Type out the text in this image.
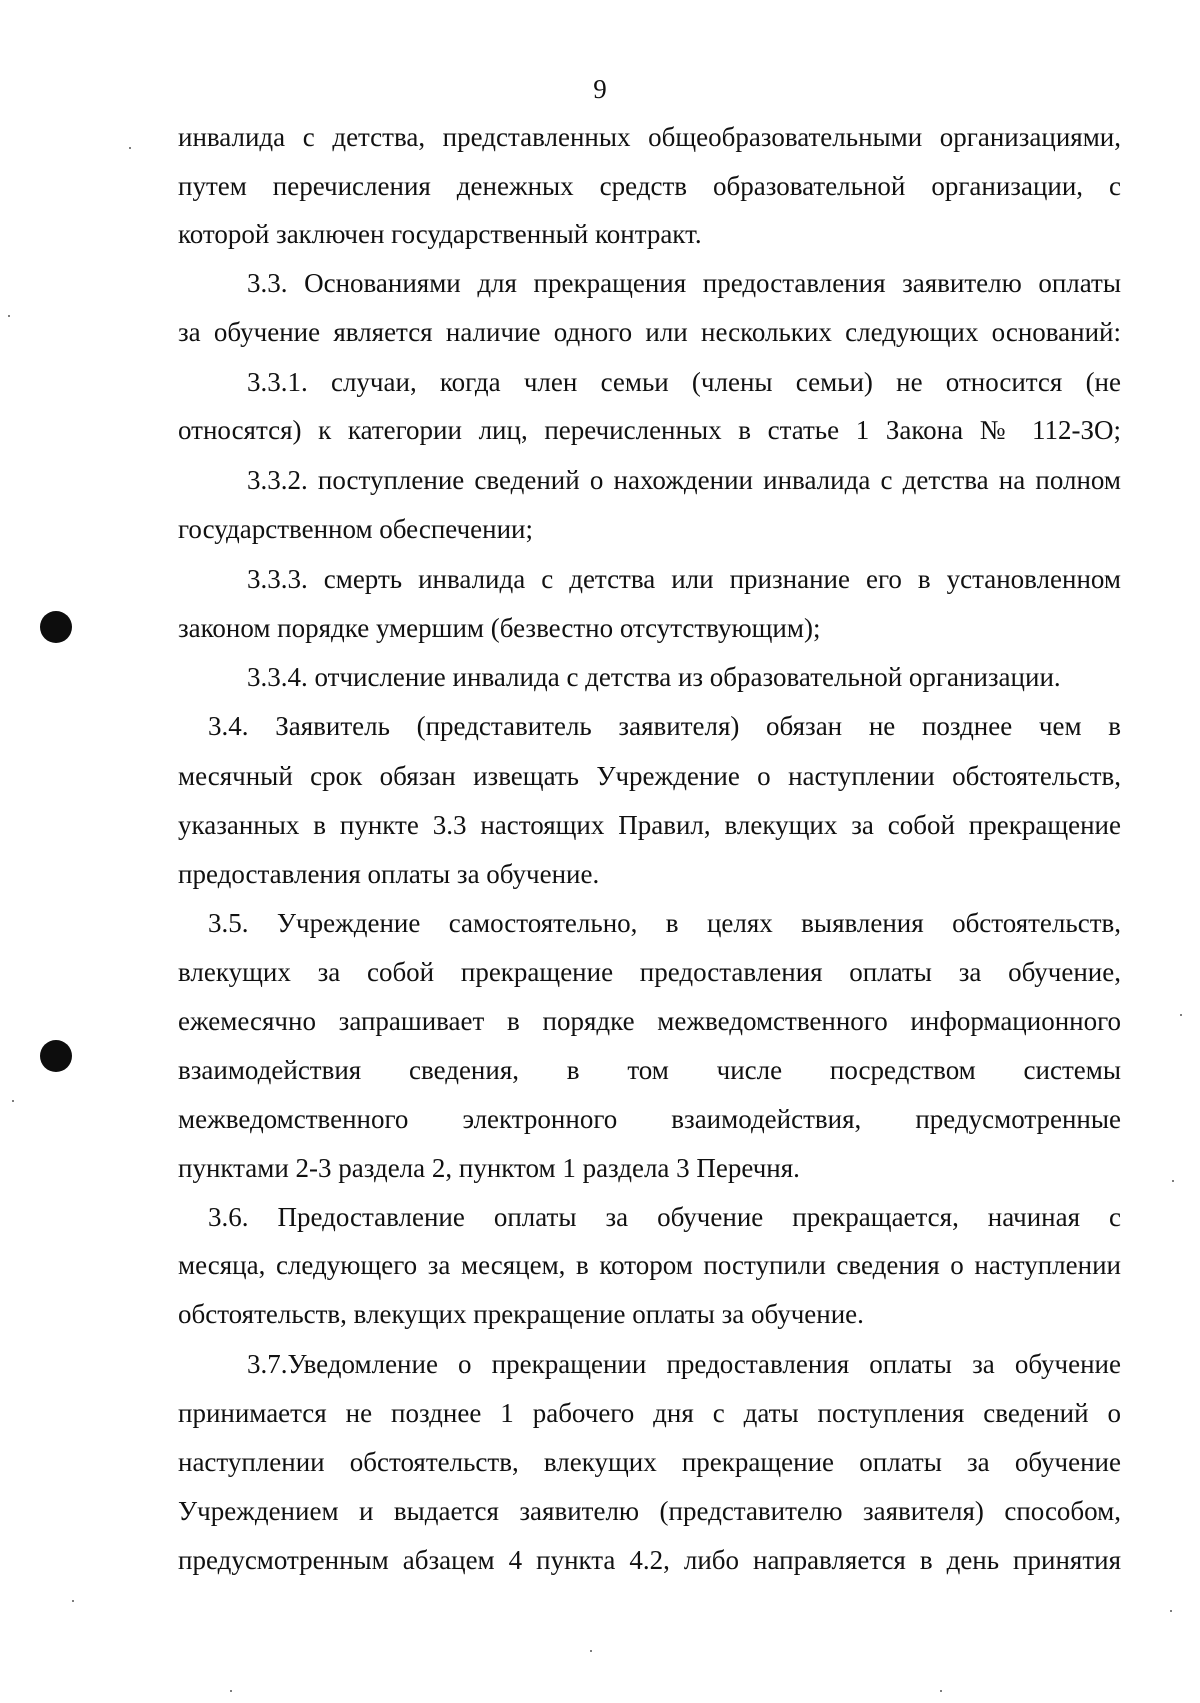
9
инвалида с детства, представленных общеобразовательными организациями,
путем перечисления денежных средств образовательной организации, с
которой заключен государственный контракт.
3.3. Основаниями для прекращения предоставления заявителю оплаты
за обучение является наличие одного или нескольких следующих оснований:
3.3.1. случаи, когда член семьи (члены семьи) не относится (не
относятся) к категории лиц, перечисленных в статье 1 Закона № 112-ЗО;
3.3.2. поступление сведений о нахождении инвалида с детства на полном
государственном обеспечении;
3.3.3. смерть инвалида с детства или признание его в установленном
законом порядке умершим (безвестно отсутствующим);
3.3.4. отчисление инвалида с детства из образовательной организации.
3.4. Заявитель (представитель заявителя) обязан не позднее чем в
месячный срок обязан извещать Учреждение о наступлении обстоятельств,
указанных в пункте 3.3 настоящих Правил, влекущих за собой прекращение
предоставления оплаты за обучение.
3.5. Учреждение самостоятельно, в целях выявления обстоятельств,
влекущих за собой прекращение предоставления оплаты за обучение,
ежемесячно запрашивает в порядке межведомственного информационного
взаимодействия сведения, в том числе посредством системы
межведомственного электронного взаимодействия, предусмотренные
пунктами 2-3 раздела 2, пунктом 1 раздела 3 Перечня.
3.6. Предоставление оплаты за обучение прекращается, начиная с
месяца, следующего за месяцем, в котором поступили сведения о наступлении
обстоятельств, влекущих прекращение оплаты за обучение.
3.7.Уведомление о прекращении предоставления оплаты за обучение
принимается не позднее 1 рабочего дня с даты поступления сведений о
наступлении обстоятельств, влекущих прекращение оплаты за обучение
Учреждением и выдается заявителю (представителю заявителя) способом,
предусмотренным абзацем 4 пункта 4.2, либо направляется в день принятия
